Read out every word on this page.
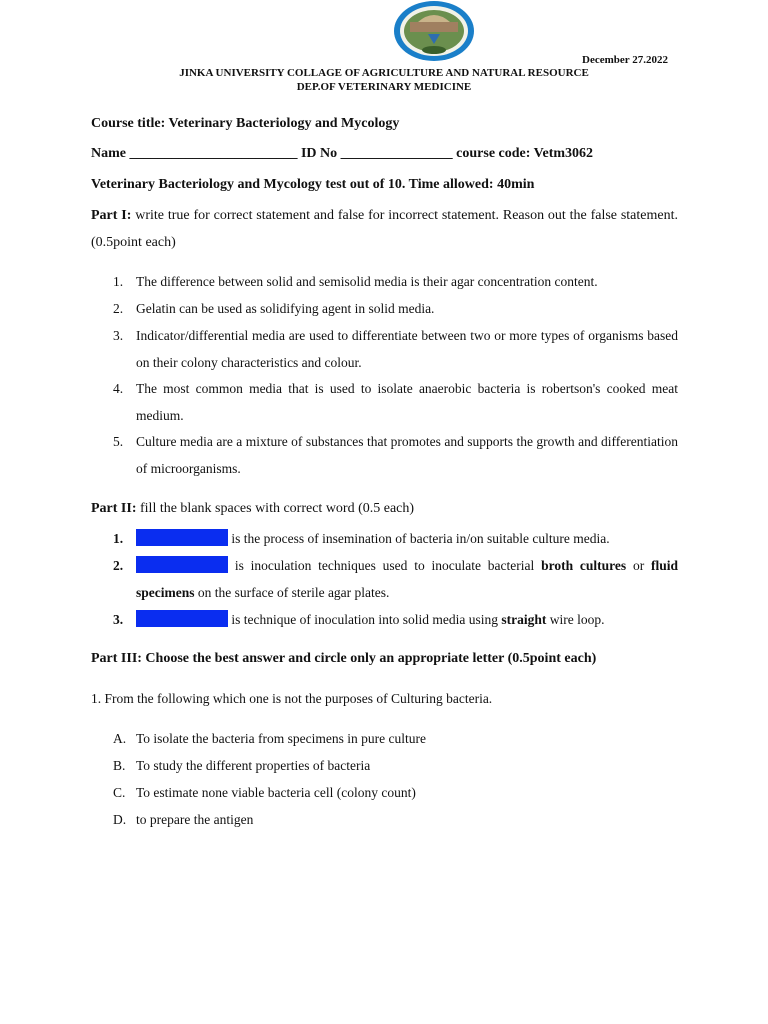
December 27.2022
JINKA UNIVERSITY COLLAGE OF AGRICULTURE AND NATURAL RESOURCE
DEP.OF VETERINARY MEDICINE
Course title: Veterinary Bacteriology and Mycology
Name ________________________ ID No ________________ course code: Vetm3062
Veterinary Bacteriology and Mycology test out of 10. Time allowed: 40min
Part I: write true for correct statement and false for incorrect statement. Reason out the false statement. (0.5point each)
1. The difference between solid and semisolid media is their agar concentration content.
2. Gelatin can be used as solidifying agent in solid media.
3. Indicator/differential media are used to differentiate between two or more types of organisms based on their colony characteristics and colour.
4. The most common media that is used to isolate anaerobic bacteria is robertson's cooked meat medium.
5. Culture media are a mixture of substances that promotes and supports the growth and differentiation of microorganisms.
Part II: fill the blank spaces with correct word (0.5 each)
1.	is the process of insemination of bacteria in/on suitable culture media.
2.	is inoculation techniques used to inoculate bacterial broth cultures or fluid specimens on the surface of sterile agar plates.
3.	is technique of inoculation into solid media using straight wire loop.
Part III: Choose the best answer and circle only an appropriate letter (0.5point each)
1. From the following which one is not the purposes of Culturing bacteria.
A. To isolate the bacteria from specimens in pure culture
B. To study the different properties of bacteria
C. To estimate none viable bacteria cell (colony count)
D. to prepare the antigen
